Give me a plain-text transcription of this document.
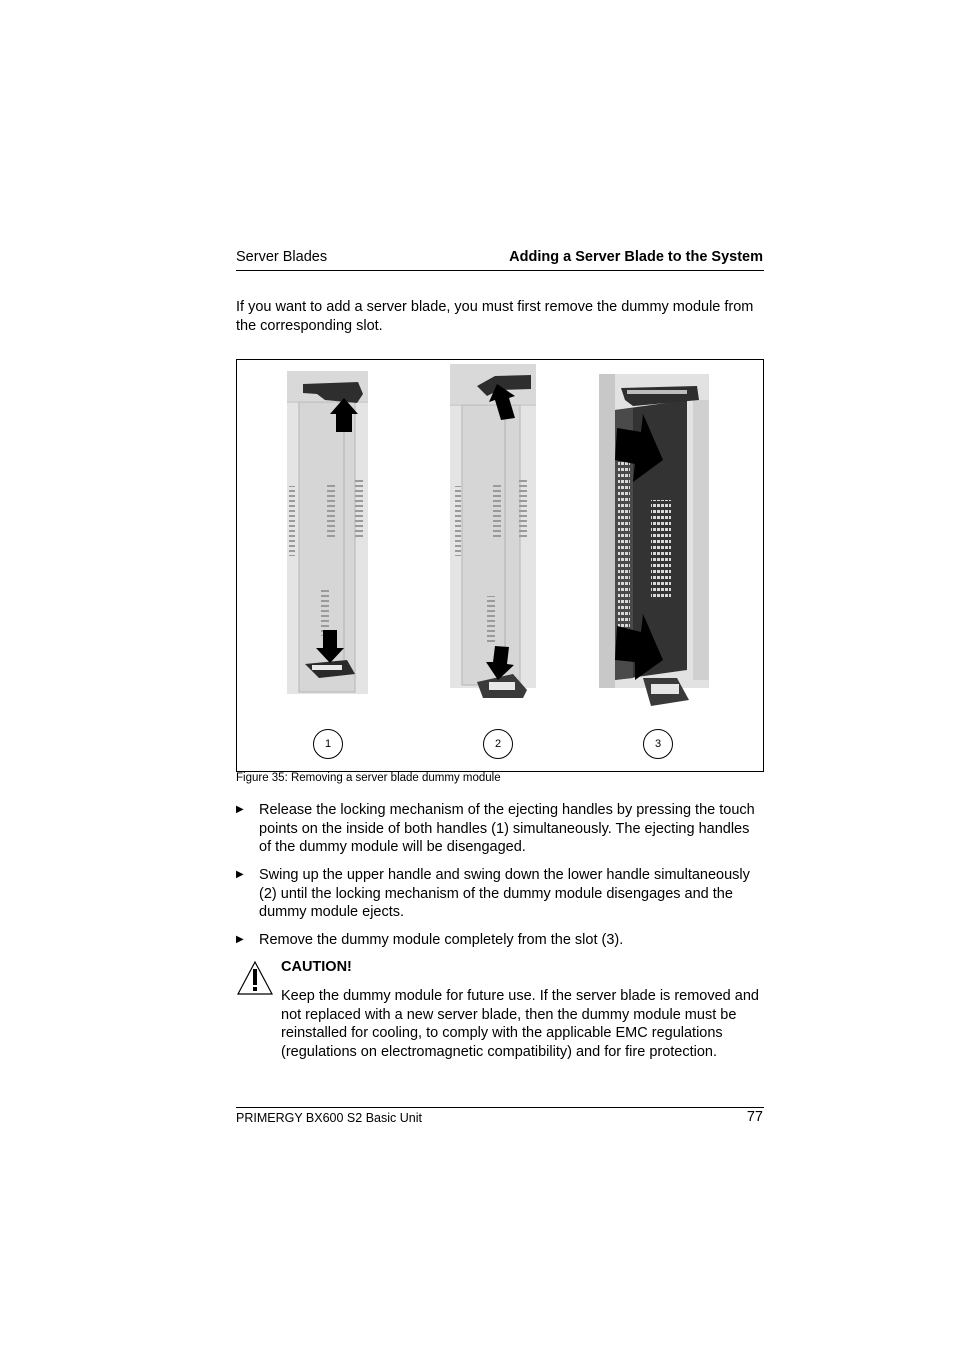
Server Blades	Adding a Server Blade to the System
If you want to add a server blade, you must first remove the dummy module from the corresponding slot.
1	2	3
Figure 35: Removing a server blade dummy module
▶ Release the locking mechanism of the ejecting handles by pressing the touch points on the inside of both handles (1) simultaneously. The ejecting handles of the dummy module will be disengaged.
▶ Swing up the upper handle and swing down the lower handle simultaneously (2) until the locking mechanism of the dummy module disengages and the dummy module ejects.
▶ Remove the dummy module completely from the slot (3).
CAUTION!
Keep the dummy module for future use. If the server blade is removed and not replaced with a new server blade, then the dummy module must be reinstalled for cooling, to comply with the applicable EMC regulations (regulations on electromagnetic compatibility) and for fire protection.
PRIMERGY BX600 S2 Basic Unit	77
